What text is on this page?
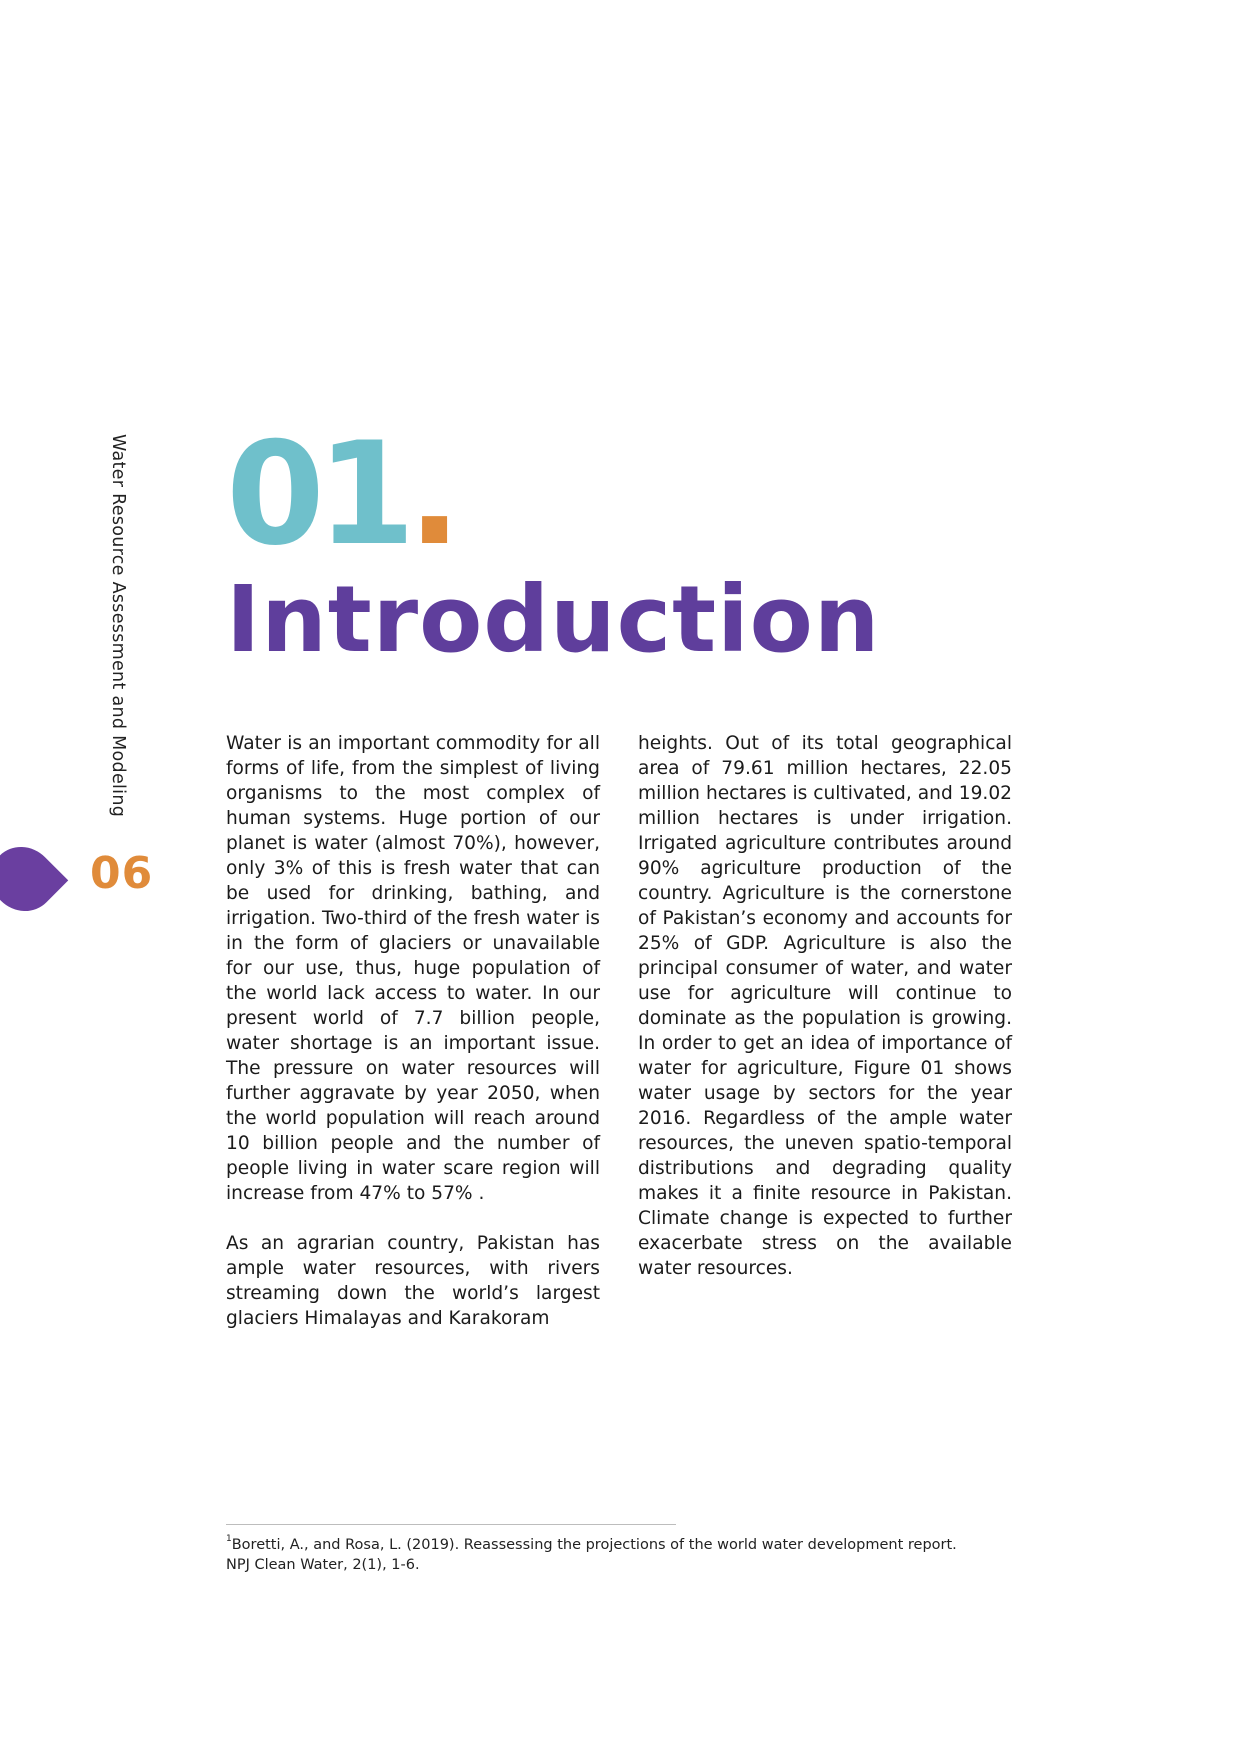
Water Resource Assessment and Modeling
06
01.
Introduction

Water is an important commodity for all forms of life, from the simplest of living organisms to the most complex of human systems. Huge portion of our planet is water (almost 70%), however, only 3% of this is fresh water that can be used for drinking, bathing, and irrigation. Two-third of the fresh water is in the form of glaciers or unavailable for our use, thus, huge population of the world lack access to water. In our present world of 7.7 billion people, water shortage is an important issue. The pressure on water resources will further aggravate by year 2050, when the world population will reach around 10 billion people and the number of people living in water scare region will increase from 47% to 57% .

As an agrarian country, Pakistan has ample water resources, with rivers streaming down the world’s largest glaciers Himalayas and Karakoram

heights. Out of its total geographical area of 79.61 million hectares, 22.05 million hectares is cultivated, and 19.02 million hectares is under irrigation. Irrigated agriculture contributes around 90% agriculture production of the country. Agriculture is the cornerstone of Pakistan’s economy and accounts for 25% of GDP. Agriculture is also the principal consumer of water, and water use for agriculture will continue to dominate as the population is growing. In order to get an idea of importance of water for agriculture, Figure 01 shows water usage by sectors for the year 2016. Regardless of the ample water resources, the uneven spatio-temporal distributions and degrading quality makes it a finite resource in Pakistan. Climate change is expected to further exacerbate stress on the available water resources.

$^1$Boretti, A., and Rosa, L. (2019). Reassessing the projections of the world water development report.
NPJ Clean Water, 2(1), 1-6.
